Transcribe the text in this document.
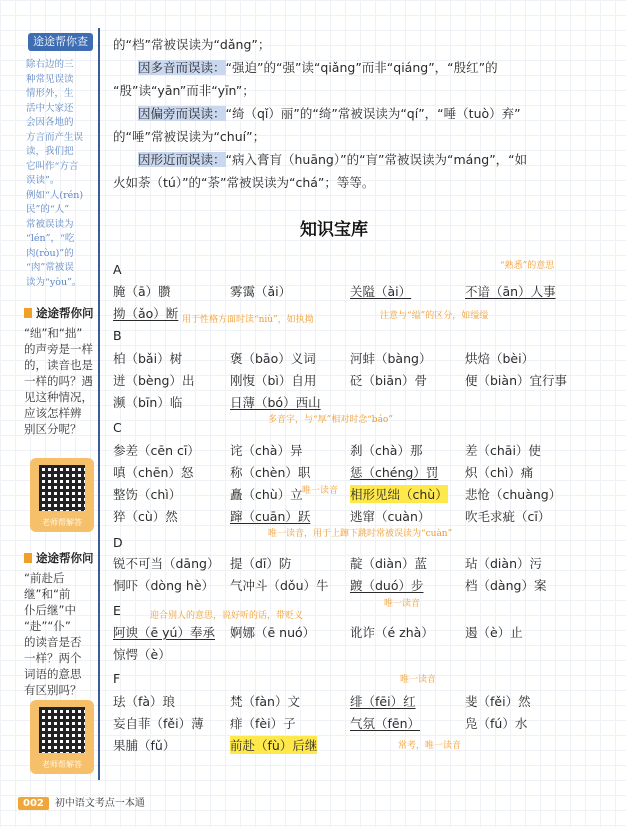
途途帮你查
除右边的三
种常见误读
情形外，生
活中大家还
会因各地的
方言而产生误
读，我们把
它叫作“方言
误读”。
例如“人(rén)
民”的“人”
常被误读为
“lén”，“吃
肉(ròu)”的
“肉”常被误
读为“yòu”。
途途帮你问
“绌”和“拙”
的声旁是一样
的，读音也是
一样的吗？遇
见这种情况，
应该怎样辨
别区分呢？
老师帮解答
途途帮你问
“前赴后
继”和“前
仆后继”中
“赴”“仆”
的读音是否
一样？两个
词语的意思
有区别吗？
老师帮解答
的“档”常被误读为“dǎng”；
因多音而误读：“强迫”的“强”读“qiǎng”而非“qiáng”，“殷红”的
“殷”读“yān”而非“yīn”；
因偏旁而误读：“绮（qǐ）丽”的“绮”常被误读为“qí”，“唾（tuò）弃”
的“唾”常被误读为“chuí”；
因形近而误读：“病入膏肓（huāng）”的“肓”常被误读为“máng”，“如
火如荼（tú）”的“荼”常被误读为“chá”；等等。
知识宝库
A
腌（ā）臜	雾霭（ǎi）	关隘（ài）	不谙（ān）人事
拗（ǎo）断
“熟悉”的意思
用于性格方面时读“niù”，如执拗	注意与“缢”的区分，如缢缢
B
柏（bǎi）树	褒（bāo）义词	河蚌（bàng）	烘焙（bèi）
迸（bèng）出	刚愎（bì）自用	砭（biān）骨	便（biàn）宜行事
濒（bīn）临	日薄（bó）西山
多音字，与“厚”相对时念“báo”
C
参差（cēn cī） 诧（chà）异	刹（chà）那	差（chāi）使
嗔（chēn）怒	称（chèn）职	惩（chéng）罚 炽（chì）痛
整饬（chì）	矗（chù）立	相形见绌（chù） 悲怆（chuàng）
猝（cù）然	蹿（cuān）跃	逃窜（cuàn）	吹毛求疵（cī）
唯一读音
唯一读音，用于上蹿下跳时常被误读为“cuàn”
D
锐不可当（dāng） 提（dī）防	靛（diàn）蓝	玷（diàn）污
恫吓（dòng hè） 气冲斗（dǒu）牛 踱（duó）步	档（dàng）案
唯一读音
E
阿谀（ē yú）奉承 婀娜（ē nuó）	讹诈（é zhà） 遏（è）止
惊愕（è）
迎合别人的意思，说好听的话，带贬义
F
珐（fà）琅	梵（fàn）文	绯（fēi）红	斐（fěi）然
妄自菲（fěi）薄 痱（fèi）子	气氛（fēn）	凫（fú）水
果脯（fǔ）	前赴（fù）后继
唯一读音
常考，唯一读音
002 初中语文考点一本通
